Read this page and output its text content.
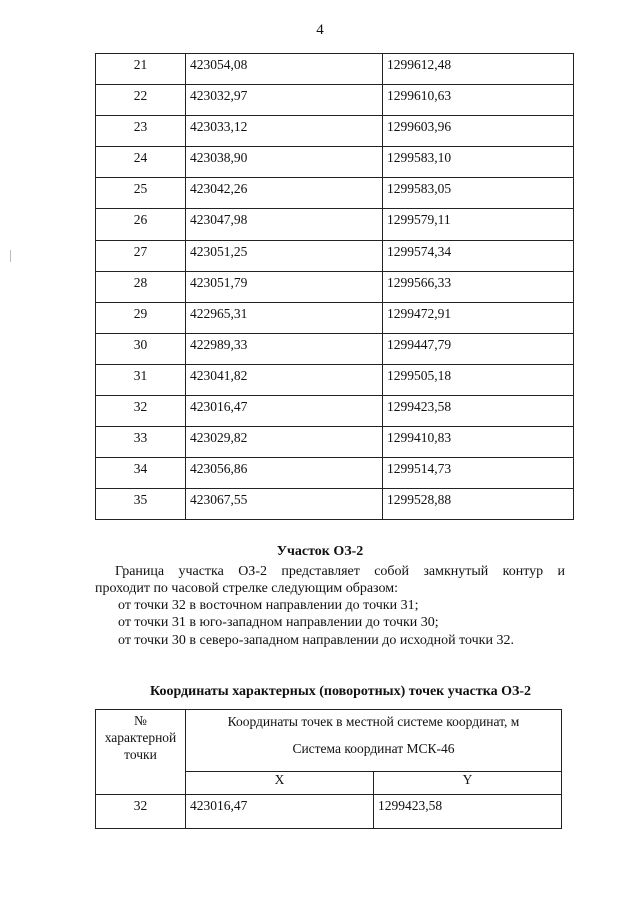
4
21	423054,08	1299612,48
22	423032,97	1299610,63
23	423033,12	1299603,96
24	423038,90	1299583,10
25	423042,26	1299583,05
26	423047,98	1299579,11
27	423051,25	1299574,34
28	423051,79	1299566,33
29	422965,31	1299472,91
30	422989,33	1299447,79
31	423041,82	1299505,18
32	423016,47	1299423,58
33	423029,82	1299410,83
34	423056,86	1299514,73
35	423067,55	1299528,88
Участок ОЗ-2
Граница участка ОЗ-2 представляет собой замкнутый контур и
проходит по часовой стрелке следующим образом:
от точки 32 в восточном направлении до точки 31;
от точки 31 в юго-западном направлении до точки 30;
от точки 30 в северо-западном направлении до исходной точки 32.
Координаты характерных (поворотных) точек участка ОЗ-2
№
характерной
точки	Координаты точек в местной системе координат, м
Система координат МСК-46	

	X	Y
32	423016,47	1299423,58
